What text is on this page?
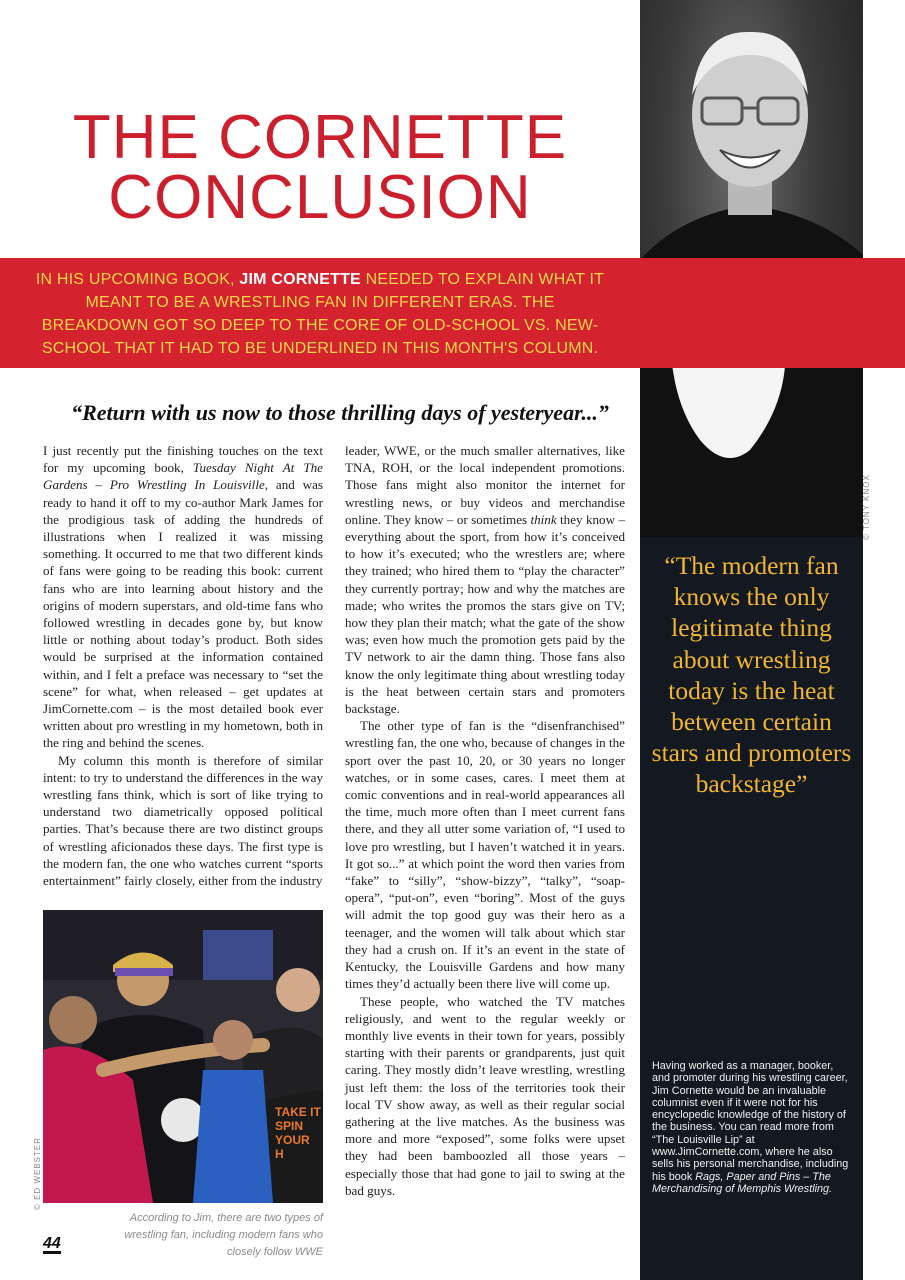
© TONY KNOX
THE CORNETTE
CONCLUSION
IN HIS UPCOMING BOOK, JIM CORNETTE NEEDED TO EXPLAIN WHAT IT MEANT TO BE A WRESTLING FAN IN DIFFERENT ERAS. THE BREAKDOWN GOT SO DEEP TO THE CORE OF OLD-SCHOOL VS. NEW-SCHOOL THAT IT HAD TO BE UNDERLINED IN THIS MONTH'S COLUMN.
“Return with us now to those thrilling days of yesteryear...”

I just recently put the finishing touches on the text for my upcoming book, Tuesday Night At The Gardens – Pro Wrestling In Louisville, and was ready to hand it off to my co-author Mark James for the prodigious task of adding the hundreds of illustrations when I realized it was missing something. It occurred to me that two different kinds of fans were going to be reading this book: current fans who are into learning about history and the origins of modern superstars, and old-time fans who followed wrestling in decades gone by, but know little or nothing about today’s product. Both sides would be surprised at the information contained within, and I felt a preface was necessary to “set the scene” for what, when released – get updates at JimCornette.com – is the most detailed book ever written about pro wrestling in my hometown, both in the ring and behind the scenes.

My column this month is therefore of similar intent: to try to understand the differences in the way wrestling fans think, which is sort of like trying to understand two diametrically opposed political parties. That’s because there are two distinct groups of wrestling aficionados these days. The first type is the modern fan, the one who watches current “sports entertainment” fairly closely, either from the industry

leader, WWE, or the much smaller alternatives, like TNA, ROH, or the local independent promotions. Those fans might also monitor the internet for wrestling news, or buy videos and merchandise online. They know – or sometimes think they know – everything about the sport, from how it’s conceived to how it’s executed; who the wrestlers are; where they trained; who hired them to “play the character” they currently portray; how and why the matches are made; who writes the promos the stars give on TV; how they plan their match; what the gate of the show was; even how much the promotion gets paid by the TV network to air the damn thing. Those fans also know the only legitimate thing about wrestling today is the heat between certain stars and promoters backstage.

The other type of fan is the “disenfranchised” wrestling fan, the one who, because of changes in the sport over the past 10, 20, or 30 years no longer watches, or in some cases, cares. I meet them at comic conventions and in real-world appearances all the time, much more often than I meet current fans there, and they all utter some variation of, “I used to love pro wrestling, but I haven’t watched it in years. It got so...” at which point the word then varies from “fake” to “silly”, “show-bizzy”, “talky”, “soap-opera”, “put-on”, even “boring”. Most of the guys will admit the top good guy was their hero as a teenager, and the women will talk about which star they had a crush on. If it’s an event in the state of Kentucky, the Louisville Gardens and how many times they’d actually been there live will come up.

These people, who watched the TV matches religiously, and went to the regular weekly or monthly live events in their town for years, possibly starting with their parents or grandparents, just quit caring. They mostly didn’t leave wrestling, wrestling just left them: the loss of the territories took their local TV show away, as well as their regular social gathering at the live matches. As the business was more and more “exposed”, some folks were upset they had been bamboozled all those years – especially those that had gone to jail to swing at the bad guys.

TAKE IT SPIN YOUR H
© ED WEBSTER
According to Jim, there are two types of wrestling fan, including modern fans who closely follow WWE
44
“The modern fan knows the only legitimate thing about wrestling today is the heat between certain stars and promoters backstage”
Having worked as a manager, booker, and promoter during his wrestling career, Jim Cornette would be an invaluable columnist even if it were not for his encyclopedic knowledge of the history of the business. You can read more from “The Louisville Lip” at www.JimCornette.com, where he also sells his personal merchandise, including his book Rags, Paper and Pins – The Merchandising of Memphis Wrestling.
